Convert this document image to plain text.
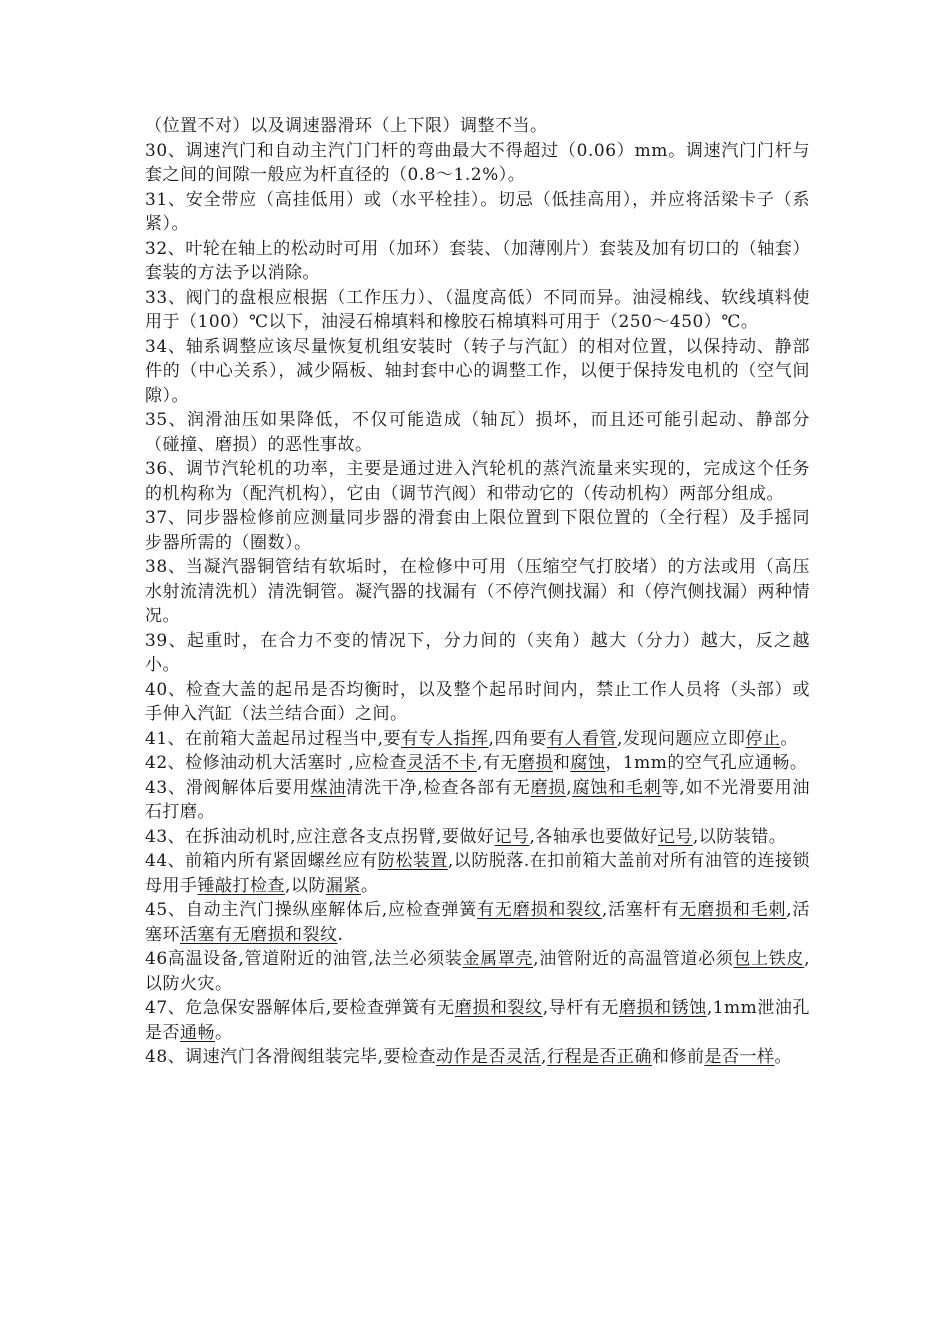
（位置不对）以及调速器滑环（上下限）调整不当。

30、调速汽门和自动主汽门门杆的弯曲最大不得超过（0.06）mm。调速汽门门杆与套之间的间隙一般应为杆直径的（0.8～1.2%）。

31、安全带应（高挂低用）或（水平栓挂）。切忌（低挂高用），并应将活梁卡子（系紧）。

32、叶轮在轴上的松动时可用（加环）套装、（加薄刚片）套装及加有切口的（轴套）套装的方法予以消除。

33、阀门的盘根应根据（工作压力）、（温度高低）不同而异。油浸棉线、软线填料使用于（100）℃以下，油浸石棉填料和橡胶石棉填料可用于（250～450）℃。

34、轴系调整应该尽量恢复机组安装时（转子与汽缸）的相对位置，以保持动、静部件的（中心关系），减少隔板、轴封套中心的调整工作，以便于保持发电机的（空气间隙）。

35、润滑油压如果降低，不仅可能造成（轴瓦）损坏，而且还可能引起动、静部分（碰撞、磨损）的恶性事故。

36、调节汽轮机的功率，主要是通过进入汽轮机的蒸汽流量来实现的，完成这个任务的机构称为（配汽机构），它由（调节汽阀）和带动它的（传动机构）两部分组成。

37、同步器检修前应测量同步器的滑套由上限位置到下限位置的（全行程）及手摇同步器所需的（圈数）。

38、当凝汽器铜管结有软垢时，在检修中可用（压缩空气打胶堵）的方法或用（高压水射流清洗机）清洗铜管。凝汽器的找漏有（不停汽侧找漏）和（停汽侧找漏）两种情况。

39、起重时，在合力不变的情况下，分力间的（夹角）越大（分力）越大，反之越小。

40、检查大盖的起吊是否均衡时，以及整个起吊时间内，禁止工作人员将（头部）或手伸入汽缸（法兰结合面）之间。

41、在前箱大盖起吊过程当中,要有专人指挥,四角要有人看管,发现问题应立即停止。

42、检修油动机大活塞时 ,应检查灵活不卡,有无磨损和腐蚀，1mm的空气孔应通畅。

43、滑阀解体后要用煤油清洗干净,检查各部有无磨损,腐蚀和毛刺等,如不光滑要用油石打磨。

43、在拆油动机时,应注意各支点拐臂,要做好记号,各轴承也要做好记号,以防装错。

44、前箱内所有紧固螺丝应有防松装置,以防脱落.在扣前箱大盖前对所有油管的连接锁母用手锤敲打检查,以防漏紧。

45、自动主汽门操纵座解体后,应检查弹簧有无磨损和裂纹,活塞杆有无磨损和毛刺,活塞环活塞有无磨损和裂纹.

46高温设备,管道附近的油管,法兰必须装金属罩壳,油管附近的高温管道必须包上铁皮,以防火灾。

47、危急保安器解体后,要检查弹簧有无磨损和裂纹,导杆有无磨损和锈蚀,1mm泄油孔是否通畅。

48、调速汽门各滑阀组装完毕,要检查动作是否灵活,行程是否正确和修前是否一样。
